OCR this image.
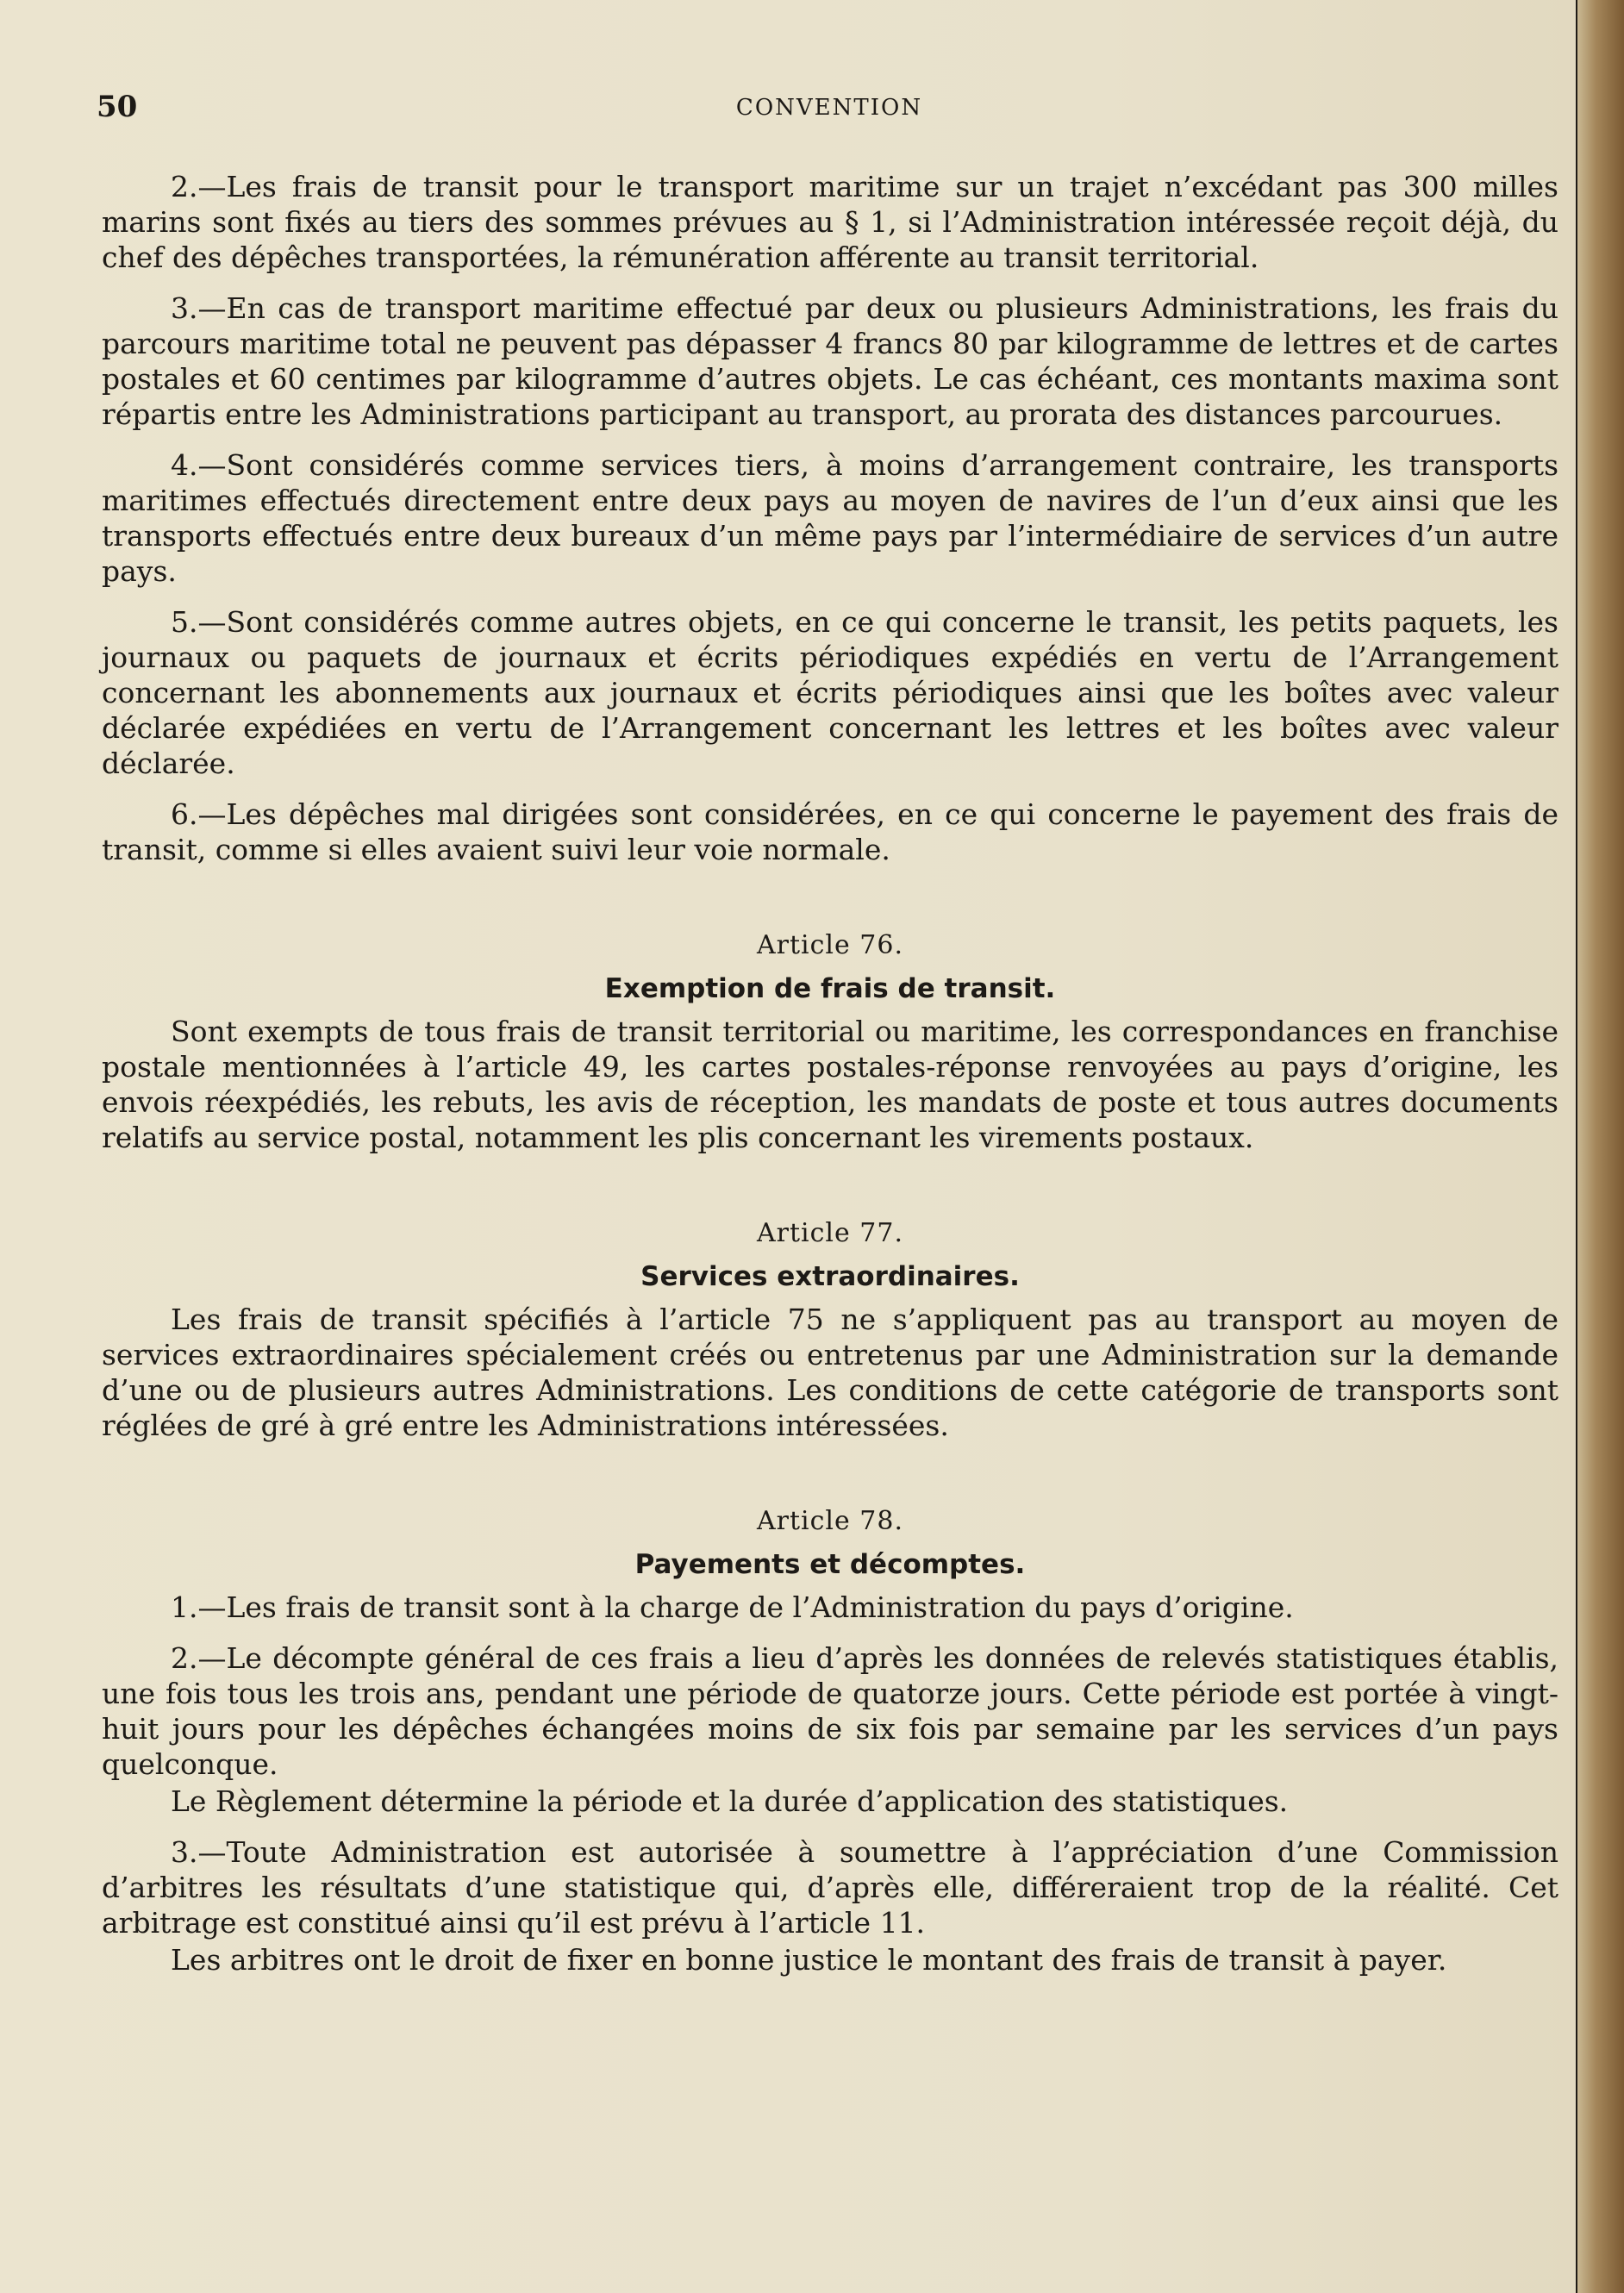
50	CONVENTION

2.—Les frais de transit pour le transport maritime sur un trajet n’excédant pas 300 milles marins sont fixés au tiers des sommes prévues au § 1, si l’Administration intéressée reçoit déjà, du chef des dépêches transportées, la rémunération afférente au transit territorial.

3.—En cas de transport maritime effectué par deux ou plusieurs Administrations, les frais du parcours maritime total ne peuvent pas dépasser 4 francs 80 par kilogramme de lettres et de cartes postales et 60 centimes par kilogramme d’autres objets. Le cas échéant, ces montants maxima sont répartis entre les Administrations participant au transport, au prorata des distances parcourues.

4.—Sont considérés comme services tiers, à moins d’arrangement contraire, les transports maritimes effectués directement entre deux pays au moyen de navires de l’un d’eux ainsi que les transports effectués entre deux bureaux d’un même pays par l’intermédiaire de services d’un autre pays.

5.—Sont considérés comme autres objets, en ce qui concerne le transit, les petits paquets, les journaux ou paquets de journaux et écrits périodiques expédiés en vertu de l’Arrangement concernant les abonnements aux journaux et écrits périodiques ainsi que les boîtes avec valeur déclarée expédiées en vertu de l’Arrangement concernant les lettres et les boîtes avec valeur déclarée.

6.—Les dépêches mal dirigées sont considérées, en ce qui concerne le payement des frais de transit, comme si elles avaient suivi leur voie normale.

Article 76.
Exemption de frais de transit.

Sont exempts de tous frais de transit territorial ou maritime, les correspondances en franchise postale mentionnées à l’article 49, les cartes postales-réponse renvoyées au pays d’origine, les envois réexpédiés, les rebuts, les avis de réception, les mandats de poste et tous autres documents relatifs au service postal, notamment les plis concernant les virements postaux.

Article 77.
Services extraordinaires.

Les frais de transit spécifiés à l’article 75 ne s’appliquent pas au transport au moyen de services extraordinaires spécialement créés ou entretenus par une Administration sur la demande d’une ou de plusieurs autres Administrations. Les conditions de cette catégorie de transports sont réglées de gré à gré entre les Administrations intéressées.

Article 78.
Payements et décomptes.

1.—Les frais de transit sont à la charge de l’Administration du pays d’origine.

2.—Le décompte général de ces frais a lieu d’après les données de relevés statistiques établis, une fois tous les trois ans, pendant une période de quatorze jours. Cette période est portée à vingt-huit jours pour les dépêches échangées moins de six fois par semaine par les services d’un pays quelconque.

Le Règlement détermine la période et la durée d’application des statistiques.

3.—Toute Administration est autorisée à soumettre à l’appréciation d’une Commission d’arbitres les résultats d’une statistique qui, d’après elle, différeraient trop de la réalité. Cet arbitrage est constitué ainsi qu’il est prévu à l’article 11.

Les arbitres ont le droit de fixer en bonne justice le montant des frais de transit à payer.
